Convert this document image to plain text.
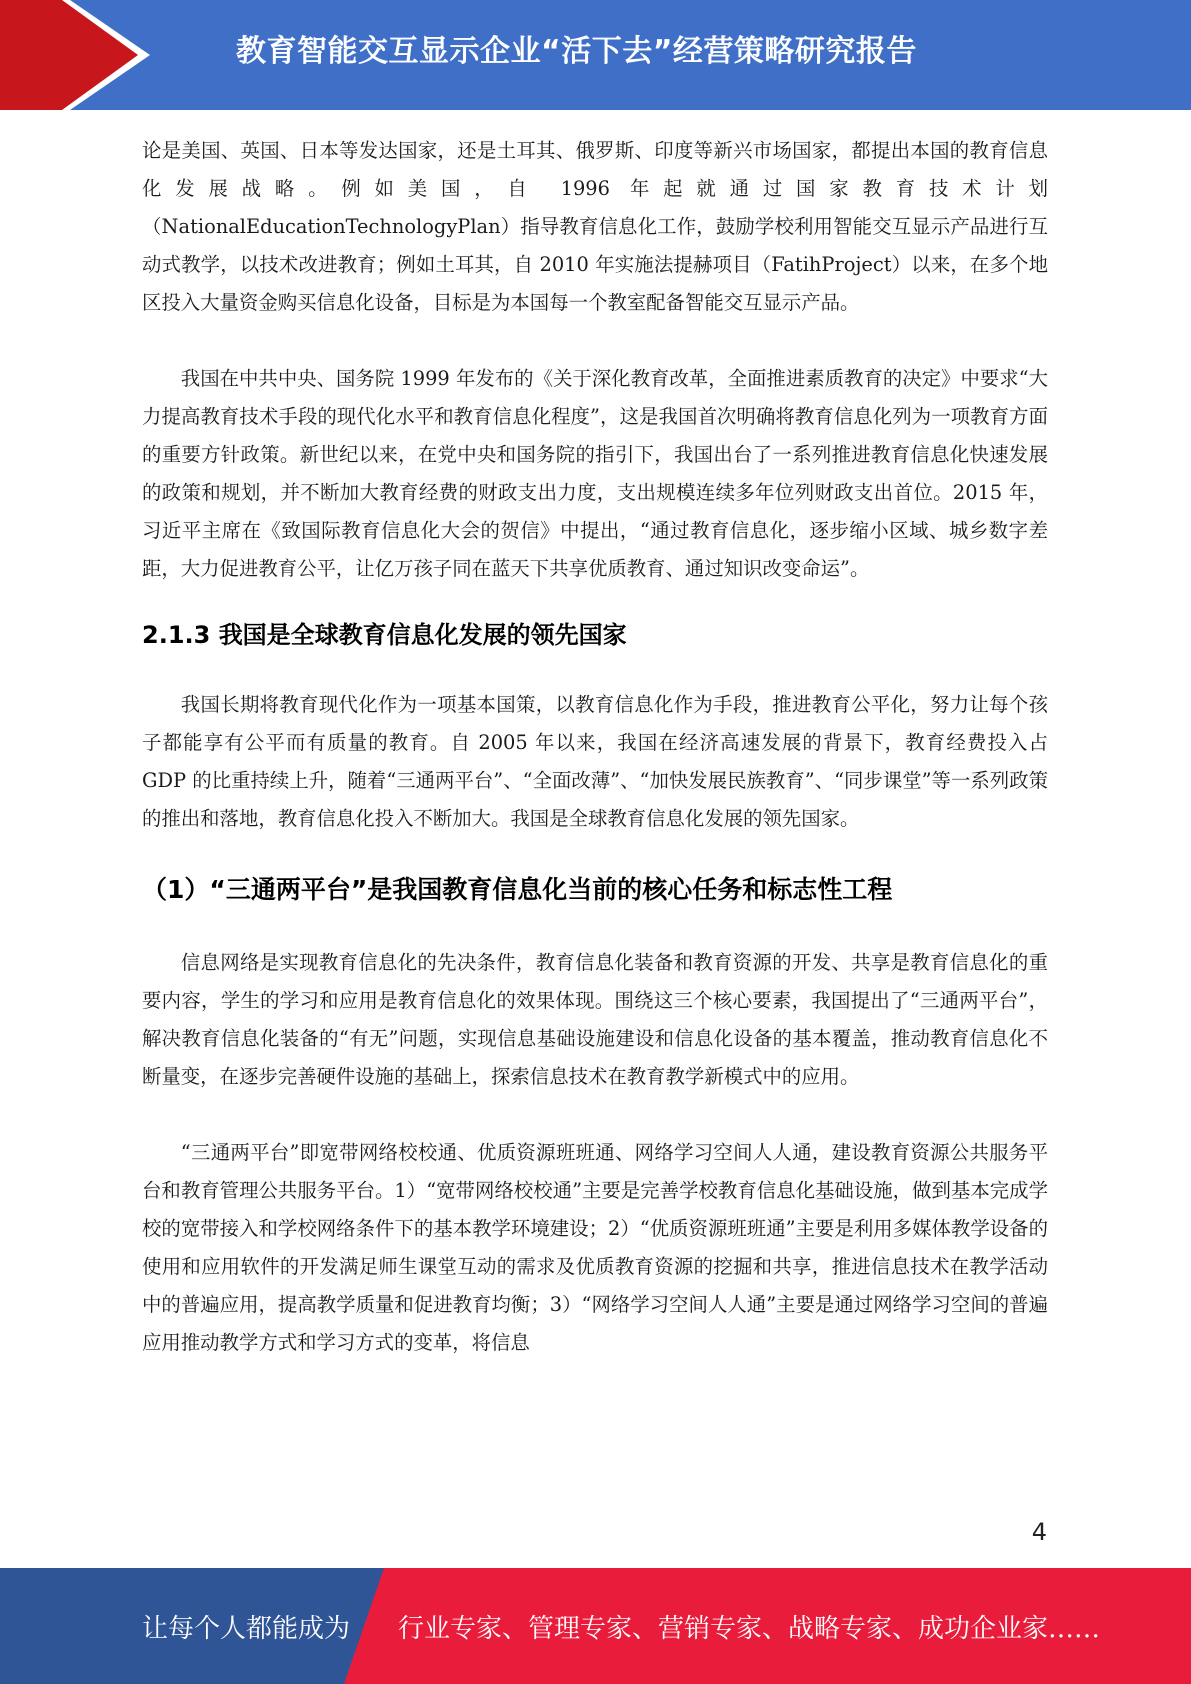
教育智能交互显示企业“活下去”经营策略研究报告

论是美国、英国、日本等发达国家，还是土耳其、俄罗斯、印度等新兴市场国家，都提出本国的教育信息化发展战略。例如美国，自 1996 年起就通过国家教育技术计划（NationalEducationTechnologyPlan）指导教育信息化工作，鼓励学校利用智能交互显示产品进行互动式教学，以技术改进教育；例如土耳其，自 2010 年实施法提赫项目（FatihProject）以来，在多个地区投入大量资金购买信息化设备，目标是为本国每一个教室配备智能交互显示产品。

我国在中共中央、国务院 1999 年发布的《关于深化教育改革，全面推进素质教育的决定》中要求“大力提高教育技术手段的现代化水平和教育信息化程度”，这是我国首次明确将教育信息化列为一项教育方面的重要方针政策。新世纪以来，在党中央和国务院的指引下，我国出台了一系列推进教育信息化快速发展的政策和规划，并不断加大教育经费的财政支出力度，支出规模连续多年位列财政支出首位。2015 年，习近平主席在《致国际教育信息化大会的贺信》中提出，“通过教育信息化，逐步缩小区域、城乡数字差距，大力促进教育公平，让亿万孩子同在蓝天下共享优质教育、通过知识改变命运”。

2.1.3 我国是全球教育信息化发展的领先国家

我国长期将教育现代化作为一项基本国策，以教育信息化作为手段，推进教育公平化，努力让每个孩子都能享有公平而有质量的教育。自 2005 年以来，我国在经济高速发展的背景下，教育经费投入占 GDP 的比重持续上升，随着“三通两平台”、“全面改薄”、“加快发展民族教育”、“同步课堂”等一系列政策的推出和落地，教育信息化投入不断加大。我国是全球教育信息化发展的领先国家。

（1）“三通两平台”是我国教育信息化当前的核心任务和标志性工程

信息网络是实现教育信息化的先决条件，教育信息化装备和教育资源的开发、共享是教育信息化的重要内容，学生的学习和应用是教育信息化的效果体现。围绕这三个核心要素，我国提出了“三通两平台”，解决教育信息化装备的“有无”问题，实现信息基础设施建设和信息化设备的基本覆盖，推动教育信息化不断量变，在逐步完善硬件设施的基础上，探索信息技术在教育教学新模式中的应用。

“三通两平台”即宽带网络校校通、优质资源班班通、网络学习空间人人通，建设教育资源公共服务平台和教育管理公共服务平台。1）“宽带网络校校通”主要是完善学校教育信息化基础设施，做到基本完成学校的宽带接入和学校网络条件下的基本教学环境建设；2）“优质资源班班通”主要是利用多媒体教学设备的使用和应用软件的开发满足师生课堂互动的需求及优质教育资源的挖掘和共享，推进信息技术在教学活动中的普遍应用，提高教学质量和促进教育均衡；3）“网络学习空间人人通”主要是通过网络学习空间的普遍应用推动教学方式和学习方式的变革，将信息

4
让每个人都能成为 行业专家、管理专家、营销专家、战略专家、成功企业家……
